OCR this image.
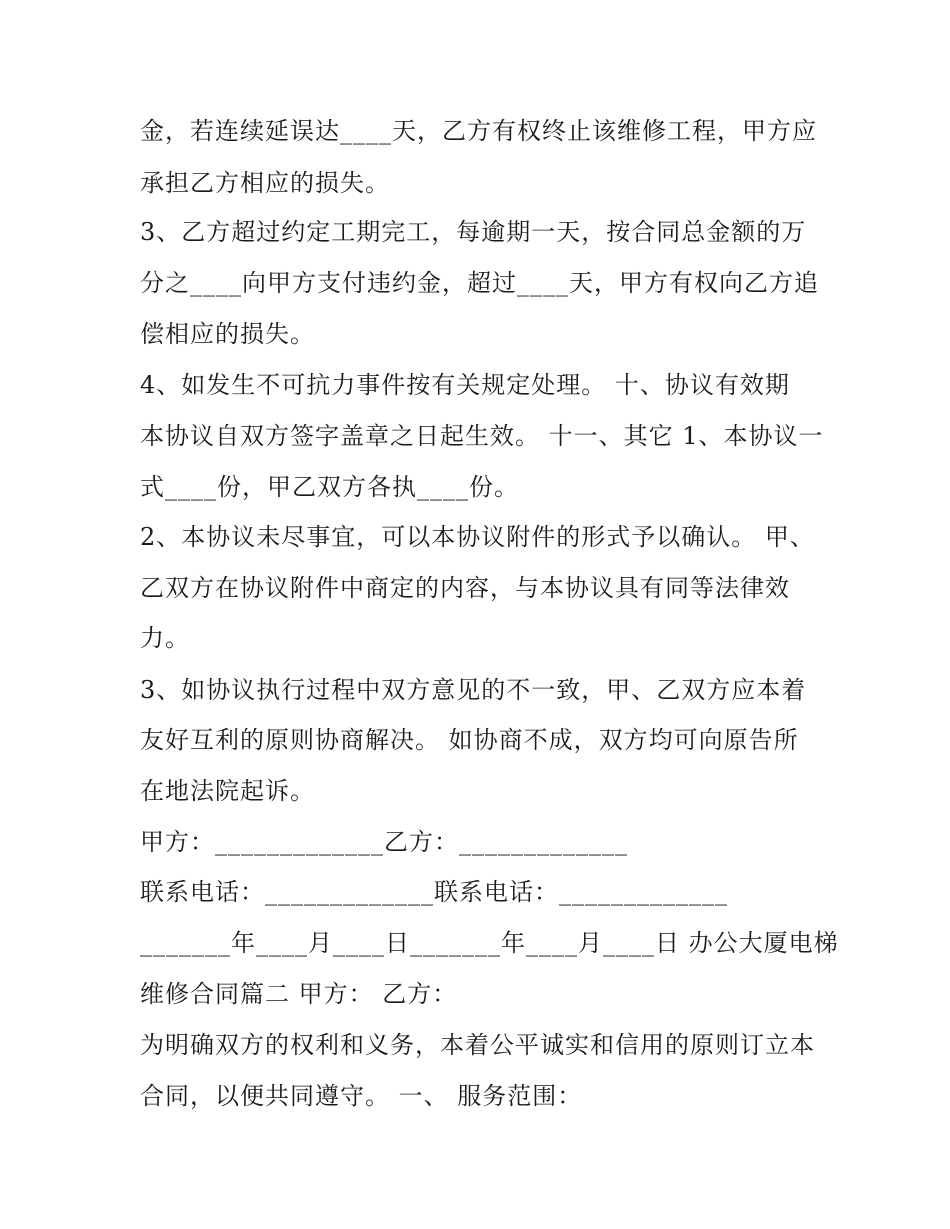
金，若连续延误达____天，乙方有权终止该维修工程，甲方应
承担乙方相应的损失。
3、乙方超过约定工期完工，每逾期一天，按合同总金额的万
分之____向甲方支付违约金，超过____天，甲方有权向乙方追
偿相应的损失。
4、如发生不可抗力事件按有关规定处理。 十、协议有效期
本协议自双方签字盖章之日起生效。 十一、其它 1、本协议一
式____份，甲乙双方各执____份。
2、本协议未尽事宜，可以本协议附件的形式予以确认。 甲、
乙双方在协议附件中商定的内容，与本协议具有同等法律效
力。
3、如协议执行过程中双方意见的不一致，甲、乙双方应本着
友好互利的原则协商解决。 如协商不成，双方均可向原告所
在地法院起诉。
甲方：_____________乙方：_____________
联系电话：_____________联系电话：_____________
_______年____月____日_______年____月____日 办公大厦电梯
维修合同篇二 甲方： 乙方：
为明确双方的权利和义务，本着公平诚实和信用的原则订立本
合同，以便共同遵守。 一、 服务范围：
